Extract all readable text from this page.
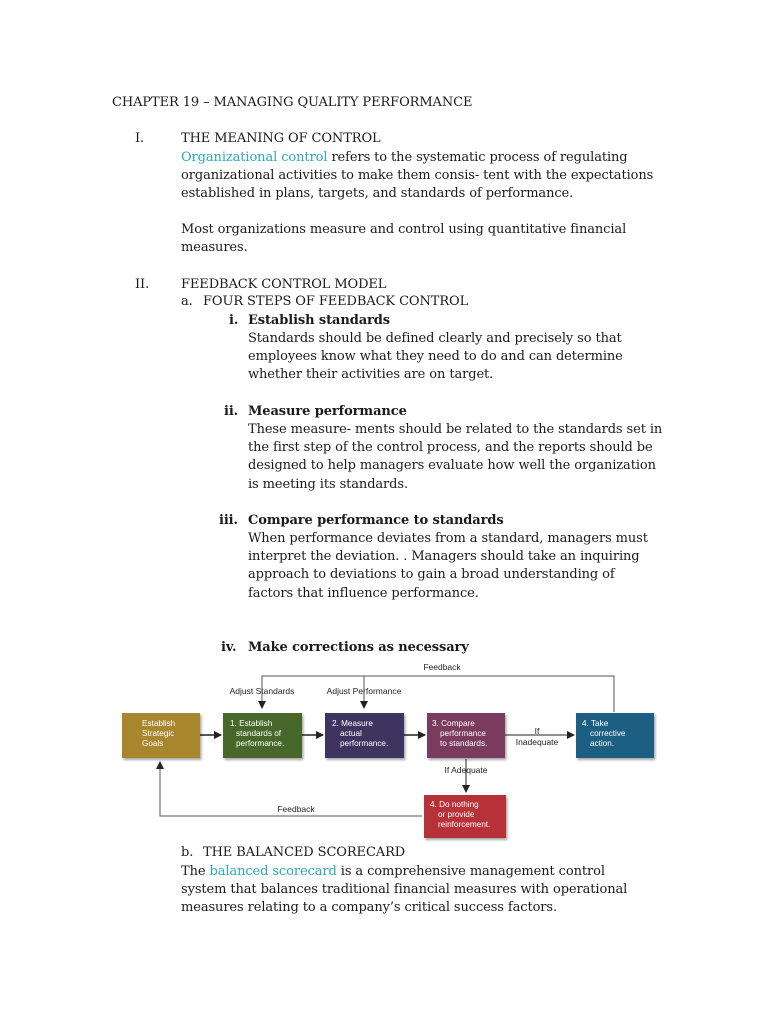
CHAPTER 19 – MANAGING QUALITY PERFORMANCE
I.	THE MEANING OF CONTROL
Organizational control refers to the systematic process of regulating
organizational activities to make them consis- tent with the expectations
established in plans, targets, and standards of performance.
Most organizations measure and control using quantitative financial
measures.
II. FEEDBACK CONTROL MODEL
a. FOUR STEPS OF FEEDBACK CONTROL
i. Establish standards
Standards should be defined clearly and precisely so that
employees know what they need to do and can determine
whether their activities are on target.
ii. Measure performance
These measure- ments should be related to the standards set in
the first step of the control process, and the reports should be
designed to help managers evaluate how well the organization
is meeting its standards.
iii. Compare performance to standards
When performance deviates from a standard, managers must
interpret the deviation. . Managers should take an inquiring
approach to deviations to gain a broad understanding of
factors that influence performance.
iv. Make corrections as necessary
Feedback
Adjust Standards	Adjust Performance
If
Inadequate
If Adequate
Feedback
Establish Strategic Goals
1. Establish standards of performance.
2. Measure actual performance.
3. Compare performance to standards.
4. Take corrective action.
4. Do nothing or provide reinforcement.
b. THE BALANCED SCORECARD
The balanced scorecard is a comprehensive management control
system that balances traditional financial measures with operational
measures relating to a company’s critical success factors.
